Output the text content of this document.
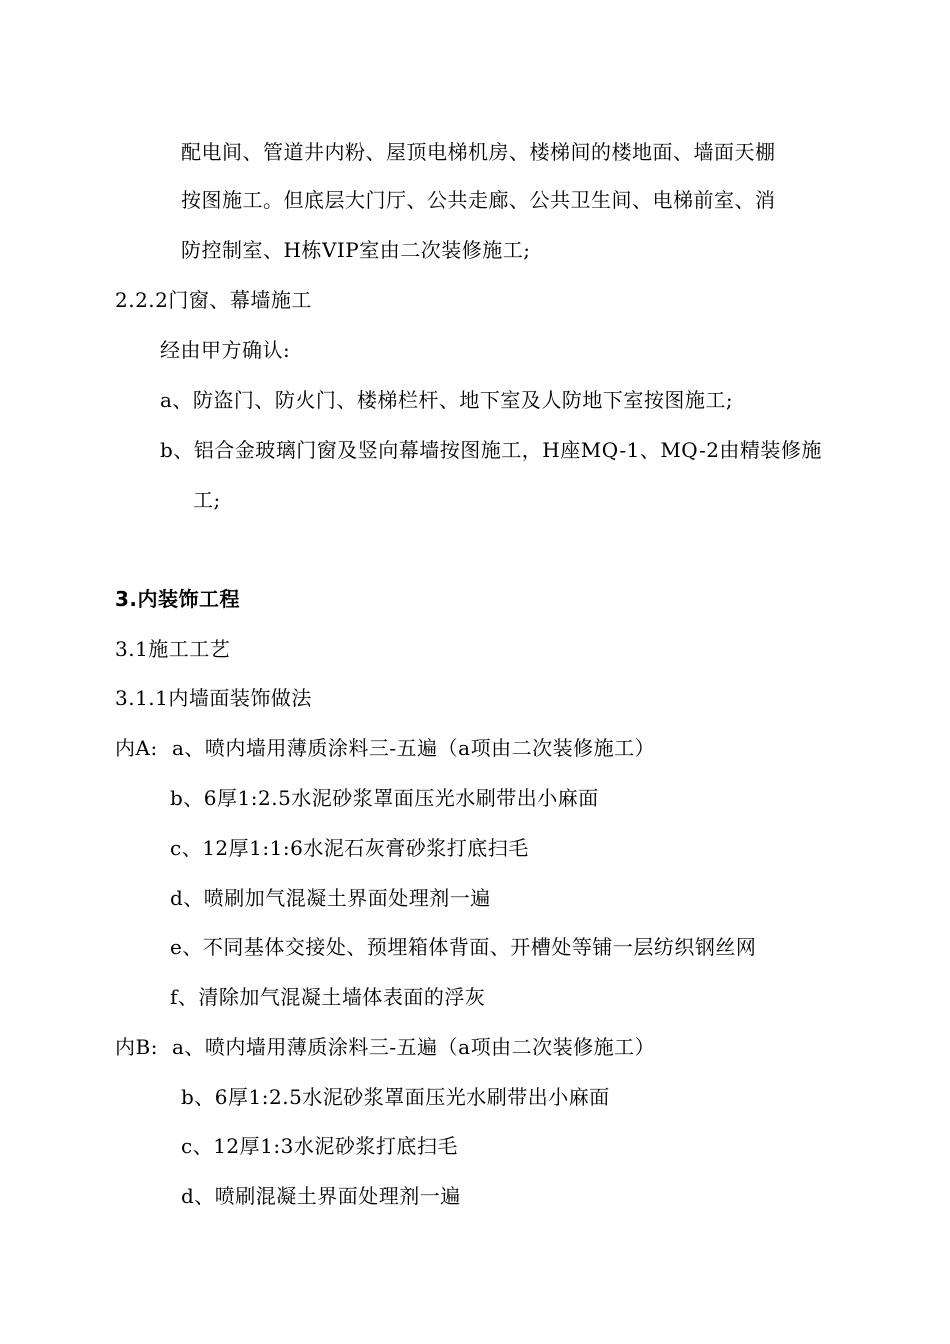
配电间、管道井内粉、屋顶电梯机房、楼梯间的楼地面、墙面天棚
按图施工。但底层大门厅、公共走廊、公共卫生间、电梯前室、消
防控制室、H栋VIP室由二次装修施工;
2.2.2门窗、幕墙施工
经由甲方确认:
a、防盗门、防火门、楼梯栏杆、地下室及人防地下室按图施工;
b、铝合金玻璃门窗及竖向幕墙按图施工，H座MQ-1、MQ-2由精装修施
工;
3.内装饰工程
3.1施工工艺
3.1.1内墙面装饰做法
内A: a、喷内墙用薄质涂料三-五遍（a项由二次装修施工）
b、6厚1:2.5水泥砂浆罩面压光水刷带出小麻面
c、12厚1:1:6水泥石灰膏砂浆打底扫毛
d、喷刷加气混凝土界面处理剂一遍
e、不同基体交接处、预埋箱体背面、开槽处等铺一层纺织钢丝网
f、清除加气混凝土墙体表面的浮灰
内B: a、喷内墙用薄质涂料三-五遍（a项由二次装修施工）
b、6厚1:2.5水泥砂浆罩面压光水刷带出小麻面
c、12厚1:3水泥砂浆打底扫毛
d、喷刷混凝土界面处理剂一遍
